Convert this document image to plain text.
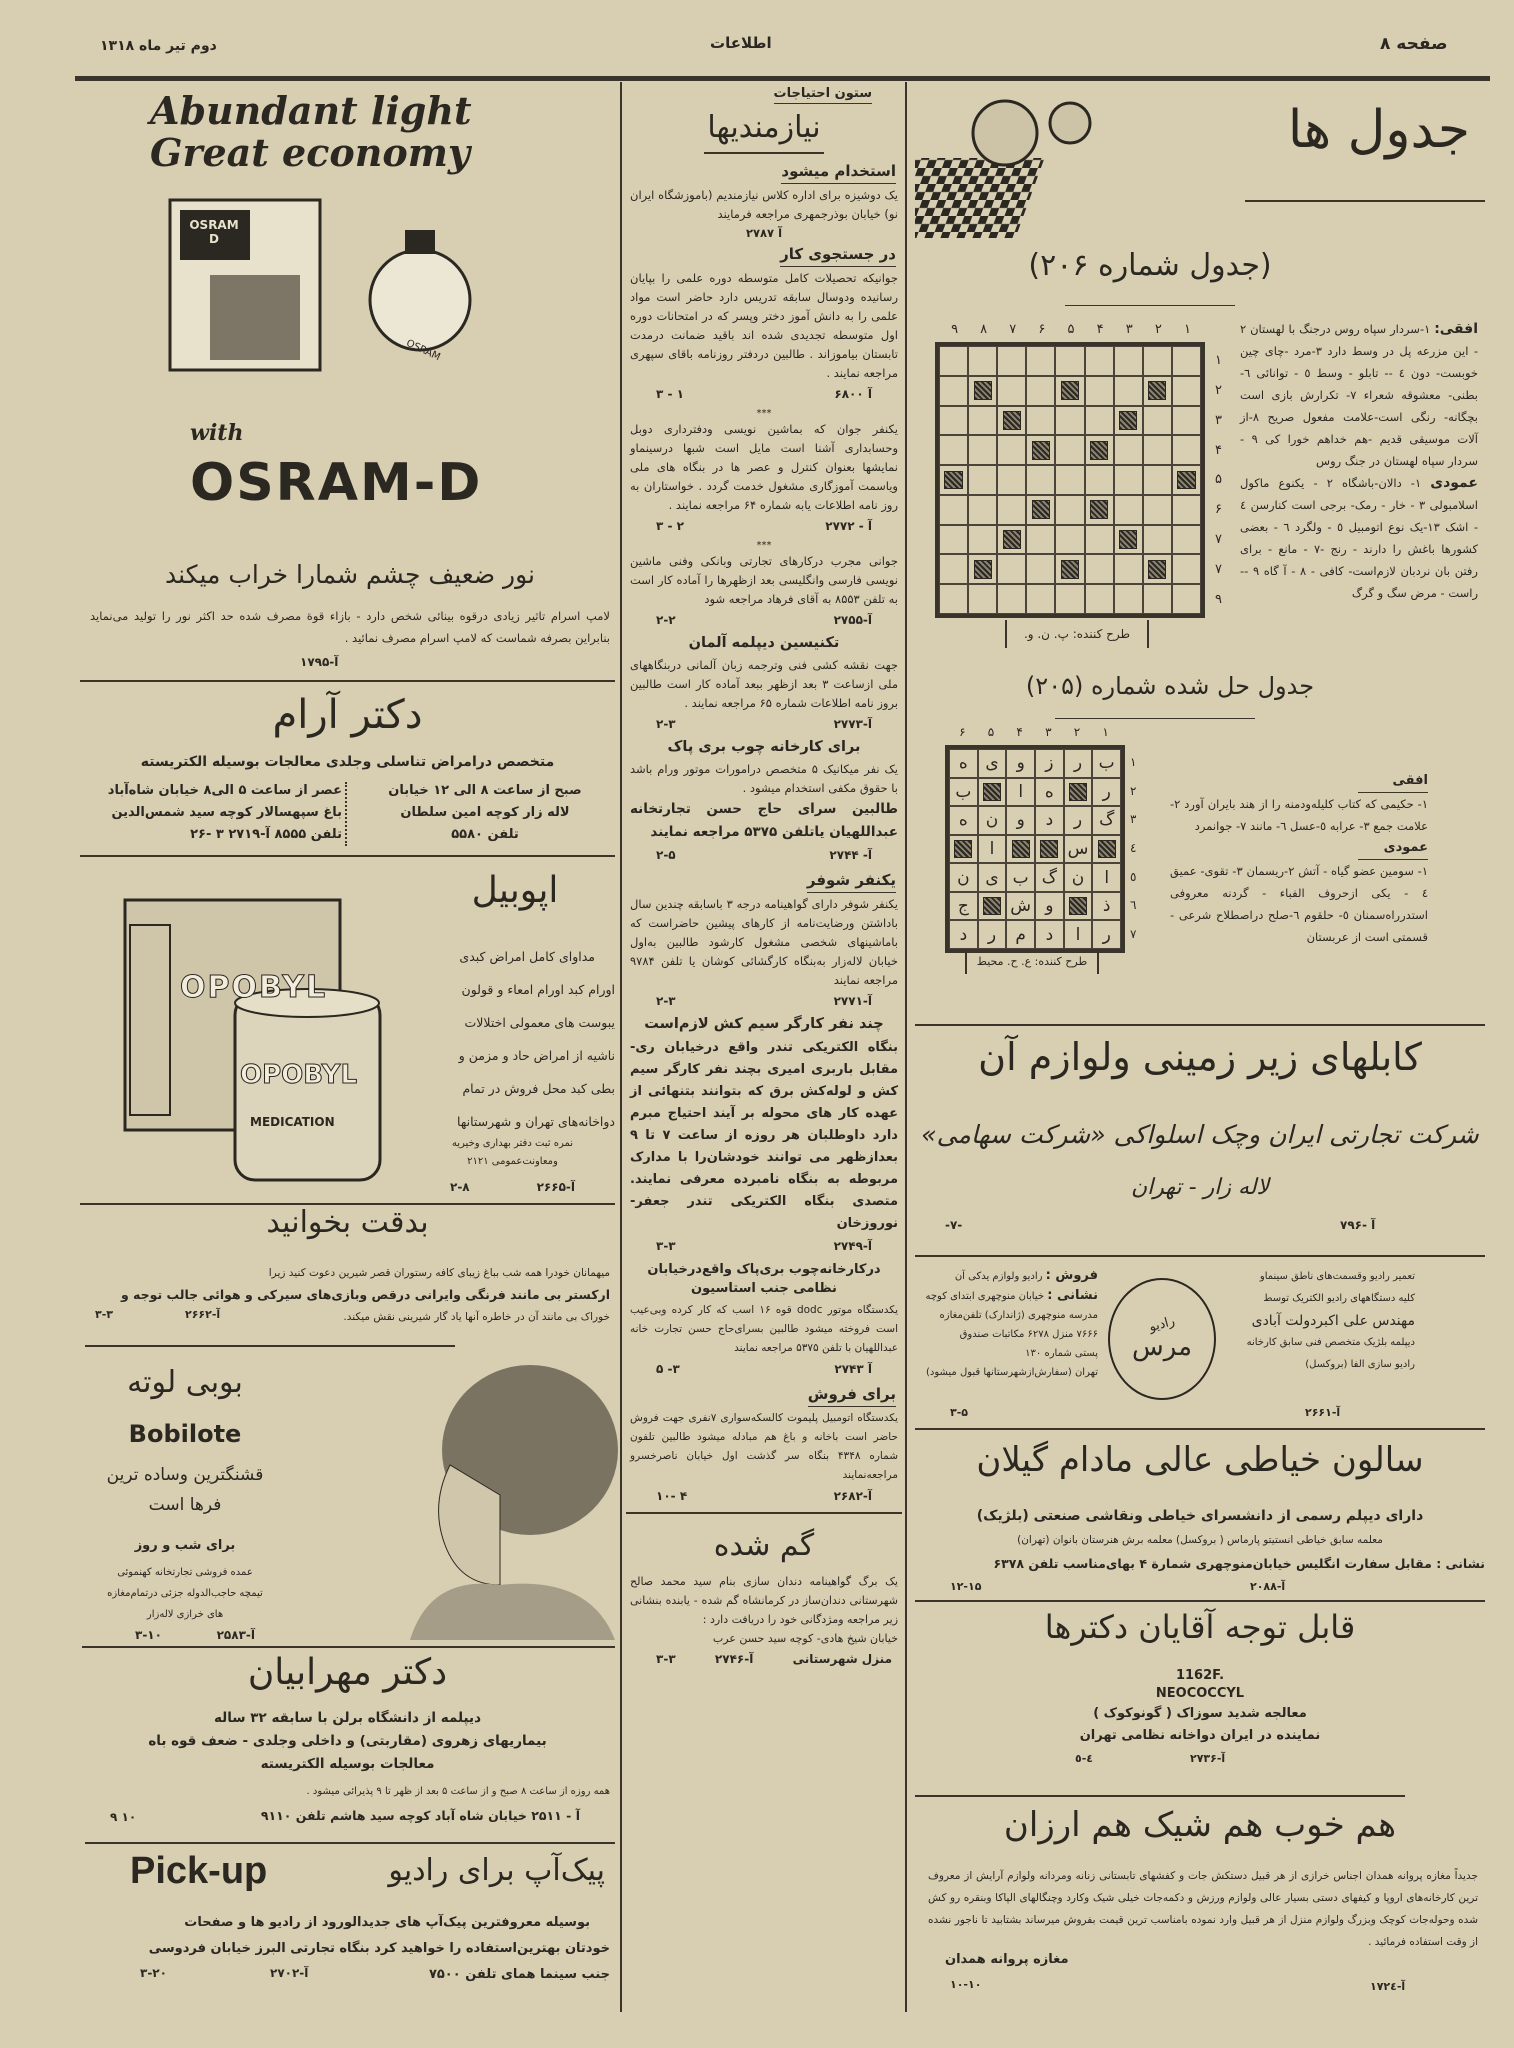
صفحه ۸
اطلاعات
دوم تیر ماه ۱۳۱۸
Abundant light
Great economy
OSRAM D
OSRAM
with
OSRAM-D
نور ضعیف چشم شمارا خراب میکند
لامپ اسرام تاثیر زیادی درقوه بینائی شخص دارد - بازاء قوة مصرف شده حد اکثر نور را تولید می‌نماید بنابراین بصرفه شماست که لامپ اسرام مصرف نمائید .
آ-۱۷۹۵
دکتر آرام
متخصص درامراض تناسلی وجلدی معالجات بوسیله الکتریسته
صبح از ساعت ۸ الی ۱۲ خیابان
لاله زار کوچه امین سلطان
تلفن ۵۵۸۰
عصر از ساعت ۵ الی۸ خیابان شاه‌آباد
باغ سپهسالار کوچه سید شمس‌الدین
تلفن ۸۵۵۵ آ-۲۷۱۹ ۳ -۲۶
OPOBYL
OPOBYL
MEDICATION
اپوبیل
مداوای کامل امراض کبدی
اورام کبد اورام امعاء و قولون
یبوست های معمولی اختلالات
ناشیه از امراض حاد و مزمن و
بطی کبد محل فروش در تمام
دواخانه‌های تهران و شهرستانها
نمره ثبت دفتر بهداری وخیریه
ومعاونت‌عمومی ۲۱۲۱
آ-۲۶۶۵
۲-۸
بدقت بخوانید
میهمانان خودرا همه شب بباغ زیبای کافه رستوران قصر شیرین دعوت کنید زیرا
ارکستر بی مانند فرنگی وایرانی درقص وبازی‌های سیرکی و هوائی جالب توجه و
خوراک بی مانند آن در خاطره آنها یاد گار شیرینی نقش میکند.
آ-۲۶۶۲
۳-۳
بوبی لوته
Bobilote
قشنگترین وساده ترین
فرها است
برای شب و روز
عمده فروشی تجارتخانه کهنموئی
تیمچه حاجب‌الدوله جزئی درتمام‌مغازه
های خرازی لاله‌زار
آ-۲۵۸۳
۳-۱۰
دکتر مهرابیان
دیپلمه از دانشگاه برلن با سابقه ۳۲ ساله
بیماریهای زهروی (مقاربتی) و داخلی وجلدی - ضعف قوه باه
معالجات بوسیله الکتریسته
همه روزه از ساعت ۸ صبح و از ساعت ۵ بعد از ظهر تا ۹ پذیرائی میشود .
آ - ۲۵۱۱ خیابان شاه آباد کوچه سید هاشم تلفن ۹۱۱۰
۹ ۱۰
پیک‌آپ برای رادیو
Pick-up
بوسیله معروفترین پیک‌آپ های جدیدالورود از رادیو ها و صفحات
خودتان بهترین‌استفاده را خواهید کرد بنگاه تجارتی البرز خیابان فردوسی
جنب سینما همای تلفن ۷۵۰۰
آ-۲۷۰۲
۳-۲۰
ستون احتیاجات
نیازمندیها
استخدام میشود

یک دوشیزه برای اداره کلاس نیازمندیم (باموزشگاه ایران نو) خیابان بوذرجمهری مراجعه فرمایند

آ ۲۷۸۷
در جستجوی کار

جوانیکه تحصیلات کامل متوسطه دوره علمی را بپایان رسانیده ودوسال سابقه تدریس دارد حاضر است مواد علمی را به دانش آموز دختر وپسر که در امتحانات دوره اول متوسطه تجدیدی شده اند باقید ضمانت درمدت تابستان بیاموزاند . طالبین دردفتر روزنامه باقای سپهری مراجعه نمایند .

آ ۶۸۰۰
۱ - ۳
***

یکنفر جوان که بماشین نویسی ودفترداری دوبل وحسابداری آشنا است مایل است شبها درسینماو نمایشها بعنوان کنترل و عصر ها در بنگاه های ملی ویاسمت آموزگاری مشغول خدمت گردد . خواستاران به روز نامه اطلاعات یابه شماره ۶۴ مراجعه نمایند .

آ - ۲۷۷۲
۲ - ۳
***

جوانی مجرب درکارهای تجارتی وبانکی وفنی ماشین نویسی فارسی وانگلیسی بعد ازظهرها را آماده کار است به تلفن ۸۵۵۳ به آقای فرهاد مراجعه شود

آ-۲۷۵۵
۲-۲
تکنیسین دیپلمه آلمان

جهت نقشه کشی فنی وترجمه زبان آلمانی دربنگاههای ملی ازساعت ۳ بعد ازظهر ببعد آماده کار است طالبین بروز نامه اطلاعات شماره ۶۵ مراجعه نمایند .

آ-۲۷۷۳
۲-۳
برای کارخانه چوب بری پاک

یک نفر میکانیک ۵ متخصص درامورات موتور ورام باشد با حقوق مکفی استخدام میشود .

طالبین سرای حاج حسن تجارتخانه عبداللهیان یاتلفن ۵۳۷۵ مراجعه نمایند

آ- ۲۷۴۴
۲-۵
یکنفر شوفر

یکنفر شوفر دارای گواهینامه درجه ۳ باسابقه چندین سال باداشتن ورضایت‌نامه از کارهای پیشین حاضراست که باماشینهای شخصی مشغول کارشود طالبین به‌اول خیابان لاله‌زار به‌بنگاه کارگشائی کوشان یا تلفن ۹۷۸۴ مراجعه نمایند

آ-۲۷۷۱
۲-۳
چند نفر کارگر سیم کش لازم‌است

بنگاه الکتریکی تندر واقع درخیابان ری-مقابل باربری امیری بچند نفر کارگر سیم کش و لوله‌کش برق که بتوانند بتنهائی از عهده کار های محوله بر آیند احتیاج مبرم دارد داوطلبان هر روزه از ساعت ۷ تا ۹ بعدازظهر می توانند خودشان‌را با مدارک مربوطه به بنگاه نامبرده معرفی نمایند. متصدی بنگاه الکتریکی تندر جعفر- نوروزخان

آ-۲۷۴۹
۳-۳
درکارخانه‌چوب بری‌پاک واقع‌درخیابان نظامی جنب استاسیون

یکدستگاه موتور dodc قوه ۱۶ اسب که کار کرده وبی‌عیب است فروخته میشود طالبین بسرای‌حاج حسن تجارت خانه عبداللهیان با تلفن ۵۳۷۵ مراجعه نمایند

آ ۲۷۴۳
۳- ۵
برای فروش

یکدستگاه اتومبیل پلیموت کالسکه‌سواری ۷نفری جهت فروش حاضر است باخانه و باغ هم مبادله میشود طالبین تلفون شماره ۴۳۴۸ بنگاه سر گذشت اول خیابان ناصرخسرو مراجعه‌نمایند

آ-۲۶۸۲
۴ -۱۰
گم شده

یک برگ گواهینامه دندان سازی بنام سید محمد صالح شهرستانی دندان‌ساز در کرمانشاه گم شده - یابنده بنشانی زیر مراجعه ومژدگانی خود را دریافت دارد :

خیابان شیخ هادی- کوچه سید حسن عرب

منزل شهرستانی
آ-۲۷۴۶
۳-۳
جدول ها
(جدول شماره ۲۰۶)
۱
۲
۳
۴
۵
۶
۷
۸
۹
۱
۲
۳
۴
۵
۶
۷
۷
۹
طرح کننده: پ. ن. و.
افقی: ۱-سردار سپاه روس درجنگ با لهستان ۲ - این مزرعه پل در وسط دارد ۳-مرد -چای چین خوبست- دون ٤ -- تابلو - وسط ٥ - توانائی ٦-بطنی- معشوقه شعراء ۷- تکرارش بازی است بچگانه- رنگی است-علامت مفعول صریح ۸-از آلات موسیقی قدیم -هم خداهم خورا کی ۹ - سردار سپاه لهستان در جنگ روس
عمودی ۱- دالان-باشگاه ۲ - یکنوع ماکول اسلامبولی ۳ - خار - رمک- برجی است کنارسن ٤ - اشک ۱۳-یک نوع اتومبیل ٥ - ولگرد ٦ - بعضی کشورها باغش را دارند - رنج -۷ - مانع - برای رفتن بان نردبان لازم‌است- کافی - ۸ - آ گاه ۹ -- راست - مرض سگ و گرگ
جدول حل شده شماره (۲۰۵)
۱
۲
۳
۴
۵
۶
ب
ر
ز
و
ی
ه
ر
ه
ا
ب
گ
ر
د
و
ن
ه
س
ا
ا
ن
گ
ب
ی
ن
ذ
و
ش
ج
ر
ا
د
م
ر
د
۱
۲
۳
٤
٥
٦
۷
طرح کننده: ع. ح. محیط
افقی
۱- حکیمی که کتاب کلیله‌ودمنه را از هند بایران آورد ۲- علامت جمع ۳- عرابه ٥-عسل ٦- مانند ۷- جوانمرد
عمودی
۱- سومین عضو گیاه - آتش ۲-ریسمان ۳- تقوی- عمیق ٤ - یکی ازحروف الفباء - گردنه معروفی استدرراه‌سمنان ٥- حلقوم ٦-صلح دراصطلاح شرعی - قسمتی است از عربستان
کابلهای زیر زمینی ولوازم آن
شرکت تجارتی ایران وچک اسلواکی «شرکت سهامی»
لاله زار - تهران
آ -۷۹۶
-۷-
تعمیر رادیو وقسمت‌های ناطق سینماو
کلیه دستگاههای رادیو الکتریک توسط
مهندس علی اکبردولت آبادی
دیپلمه بلژیک متخصص فنی سابق کارخانه
رادیو سازی الفا (بروکسل)
آ-۲۶۶۱
رادیو
مرس
فروش : رادیو ولوازم یدکی آن
نشانی : خیابان منوچهری ابتدای کوچه
مدرسه منوچهری (ژاندارک) تلفن‌مغازه
۷۶۶۶ منزل ۶۲۷۸ مکاتبات صندوق
پستی شماره ۱۳۰
تهران (سفارش‌ازشهرستانها قبول میشود)
۳-۵
سالون خیاطی عالی مادام گیلان
دارای دیپلم رسمی از دانشسرای خیاطی ونقاشی صنعتی (بلژیک)
معلمه سابق خیاطی انستیتو پارماس ( بروکسل) معلمه برش هنرستان بانوان (تهران)
نشانی : مقابل سفارت انگلیس خیابان‌منوچهری شمارة ۴ بهای‌مناسب تلفن ۶۳۷۸
آ-۲۰۸۸
۱۲-۱۵
قابل توجه آقایان دکترها
1162F.
NEOCOCCYL
معالجه شدید سوزاک ( گونوکوک )
نماینده در ایران دواخانه نظامی تهران
آ-۲۷۳۶
٤-٥
هم خوب هم شیک هم ارزان
جدیداً مغازه پروانه همدان اجناس خرازی از هر قبیل دستکش جات و کفشهای تابستانی زنانه ومردانه ولوازم آرایش از معروف ترین کارخانه‌های اروپا و کیفهای دستی بسیار عالی ولوازم ورزش و دکمه‌جات خیلی شیک وکارد وچنگالهای الپاکا وبنقره رو کش شده وحوله‌جات کوچک وبزرگ ولوازم منزل از هر قبیل وارد نموده بامناسب ترین قیمت بفروش میرساند بشتابید تا ناجور نشده از وقت استفاده فرمائید .
مغازه پروانه همدان
آ-۱۷۲٤
۱۰-۱۰
